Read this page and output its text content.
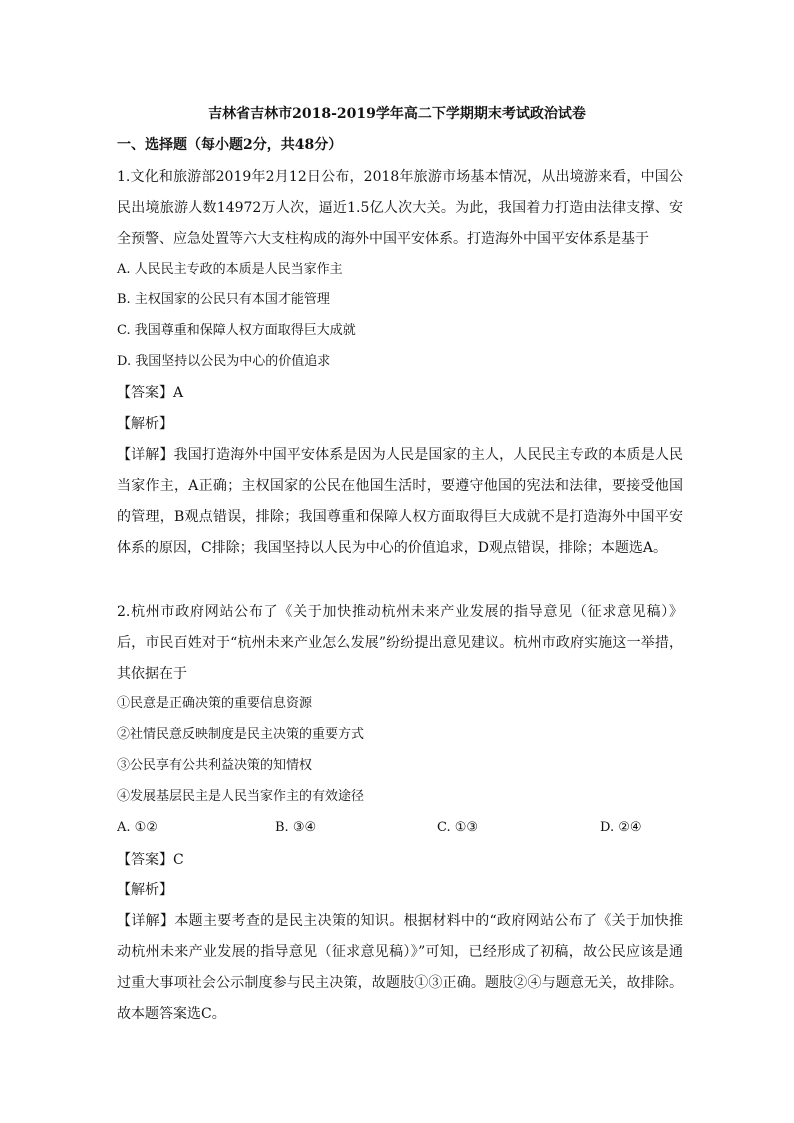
吉林省吉林市2018-2019学年高二下学期期末考试政治试卷
一、选择题（每小题2分，共48分）

1.文化和旅游部2019年2月12日公布，2018年旅游市场基本情况，从出境游来看，中国公民出境旅游人数14972万人次，逼近1.5亿人次大关。为此，我国着力打造由法律支撑、安全预警、应急处置等六大支柱构成的海外中国平安体系。打造海外中国平安体系是基于

A. 人民民主专政的本质是人民当家作主
B. 主权国家的公民只有本国才能管理
C. 我国尊重和保障人权方面取得巨大成就
D. 我国坚持以公民为中心的价值追求
【答案】A
【解析】

【详解】我国打造海外中国平安体系是因为人民是国家的主人，人民民主专政的本质是人民当家作主，A正确；主权国家的公民在他国生活时，要遵守他国的宪法和法律，要接受他国的管理，B观点错误，排除；我国尊重和保障人权方面取得巨大成就不是打造海外中国平安体系的原因，C排除；我国坚持以人民为中心的价值追求，D观点错误，排除；本题选A。

2.杭州市政府网站公布了《关于加快推动杭州未来产业发展的指导意见（征求意见稿）》后，市民百姓对于“杭州未来产业怎么发展”纷纷提出意见建议。杭州市政府实施这一举措，其依据在于

①民意是正确决策的重要信息资源
②社情民意反映制度是民主决策的重要方式
③公民享有公共利益决策的知情权
④发展基层民主是人民当家作主的有效途径
A. ①②	B. ③④	C. ①③	D. ②④
【答案】C
【解析】

【详解】本题主要考查的是民主决策的知识。根据材料中的“政府网站公布了《关于加快推动杭州未来产业发展的指导意见（征求意见稿）》”可知，已经形成了初稿，故公民应该是通过重大事项社会公示制度参与民主决策，故题肢①③正确。题肢②④与题意无关，故排除。故本题答案选C。
